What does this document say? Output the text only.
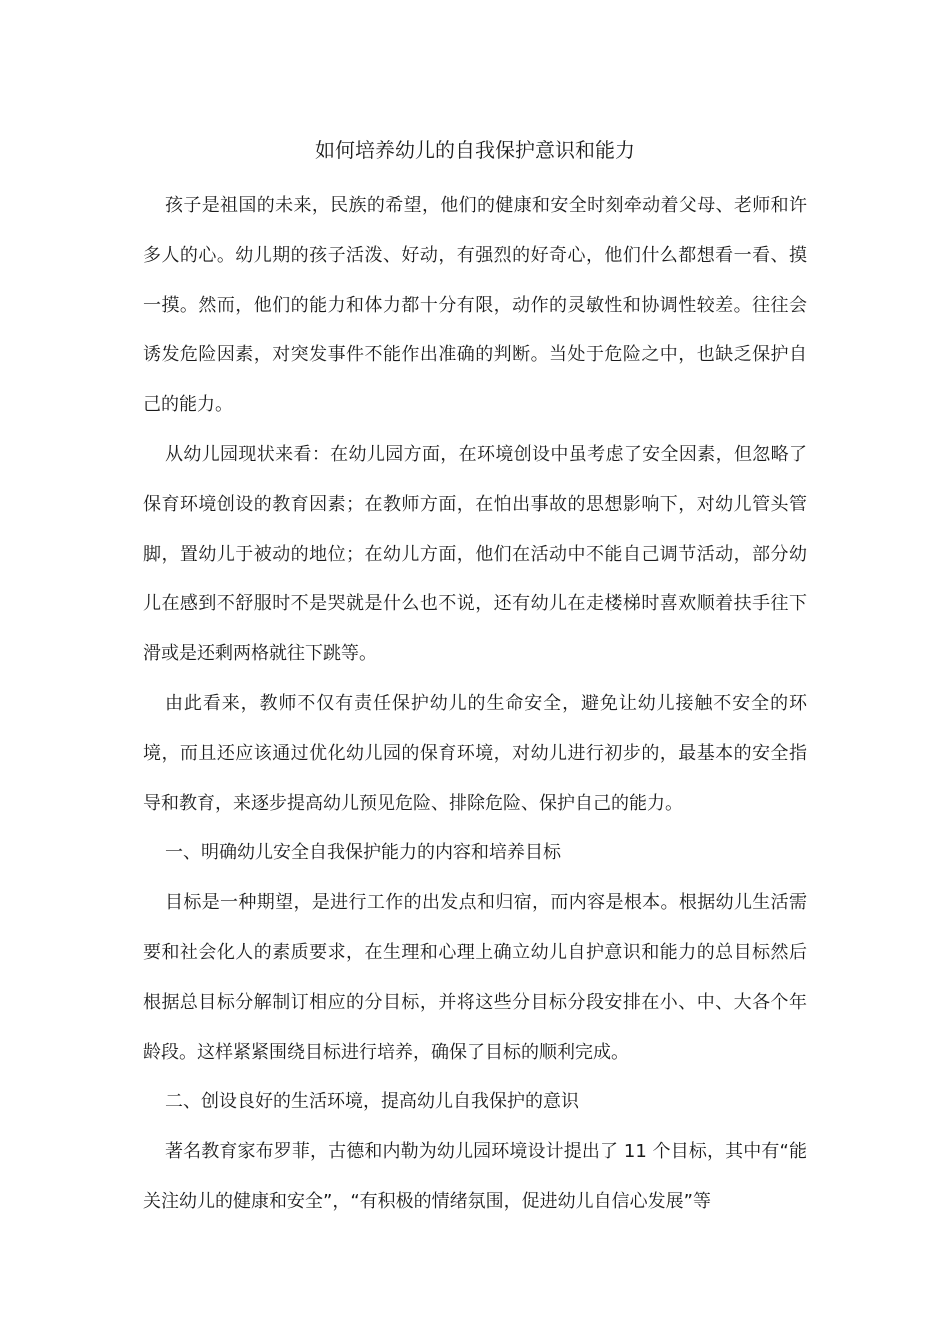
如何培养幼儿的自我保护意识和能力

孩子是祖国的未来，民族的希望，他们的健康和安全时刻牵动着父母、老师和许多人的心。幼儿期的孩子活泼、好动，有强烈的好奇心，他们什么都想看一看、摸一摸。然而，他们的能力和体力都十分有限，动作的灵敏性和协调性较差。往往会诱发危险因素，对突发事件不能作出准确的判断。当处于危险之中，也缺乏保护自己的能力。

从幼儿园现状来看：在幼儿园方面，在环境创设中虽考虑了安全因素，但忽略了保育环境创设的教育因素；在教师方面，在怕出事故的思想影响下，对幼儿管头管脚，置幼儿于被动的地位；在幼儿方面，他们在活动中不能自己调节活动，部分幼儿在感到不舒服时不是哭就是什么也不说，还有幼儿在走楼梯时喜欢顺着扶手往下滑或是还剩两格就往下跳等。

由此看来，教师不仅有责任保护幼儿的生命安全，避免让幼儿接触不安全的环境，而且还应该通过优化幼儿园的保育环境，对幼儿进行初步的，最基本的安全指导和教育，来逐步提高幼儿预见危险、排除危险、保护自己的能力。

一、明确幼儿安全自我保护能力的内容和培养目标

目标是一种期望，是进行工作的出发点和归宿，而内容是根本。根据幼儿生活需要和社会化人的素质要求，在生理和心理上确立幼儿自护意识和能力的总目标然后根据总目标分解制订相应的分目标，并将这些分目标分段安排在小、中、大各个年龄段。这样紧紧围绕目标进行培养，确保了目标的顺利完成。

二、创设良好的生活环境，提高幼儿自我保护的意识

著名教育家布罗菲，古德和内勒为幼儿园环境设计提出了 11 个目标，其中有“能关注幼儿的健康和安全”，“有积极的情绪氛围，促进幼儿自信心发展”等
